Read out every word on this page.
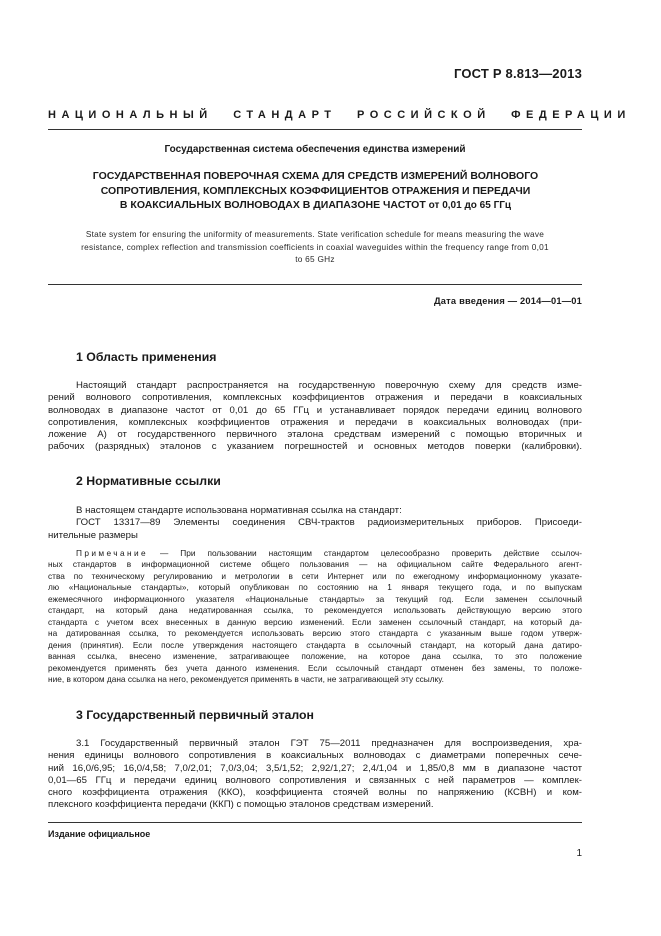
ГОСТ Р 8.813—2013
НАЦИОНАЛЬНЫЙ СТАНДАРТ РОССИЙСКОЙ ФЕДЕРАЦИИ
Государственная система обеспечения единства измерений
ГОСУДАРСТВЕННАЯ ПОВЕРОЧНАЯ СХЕМА ДЛЯ СРЕДСТВ ИЗМЕРЕНИЙ ВОЛНОВОГО
СОПРОТИВЛЕНИЯ, КОМПЛЕКСНЫХ КОЭФФИЦИЕНТОВ ОТРАЖЕНИЯ И ПЕРЕДАЧИ
В КОАКСИАЛЬНЫХ ВОЛНОВОДАХ В ДИАПАЗОНЕ ЧАСТОТ от 0,01 до 65 ГГц
State system for ensuring the uniformity of measurements. State verification schedule for means measuring the wave
resistance, complex reflection and transmission coefficients in coaxial waveguides within the frequency range from 0,01
to 65 GHz
Дата введения — 2014—01—01
1 Область применения
Настоящий стандарт распространяется на государственную поверочную схему для средств изме-
рений волнового сопротивления, комплексных коэффициентов отражения и передачи в коаксиальных
волноводах в диапазоне частот от 0,01 до 65 ГГц и устанавливает порядок передачи единиц волнового
сопротивления, комплексных коэффициентов отражения и передачи в коаксиальных волноводах (при-
ложение А) от государственного первичного эталона средствам измерений с помощью вторичных и
рабочих (разрядных) эталонов с указанием погрешностей и основных методов поверки (калибровки).
2 Нормативные ссылки
В настоящем стандарте использована нормативная ссылка на стандарт:
ГОСТ 13317—89 Элементы соединения СВЧ-трактов радиоизмерительных приборов. Присоеди-
нительные размеры
Примечание — При пользовании настоящим стандартом целесообразно проверить действие ссылоч-
ных стандартов в информационной системе общего пользования — на официальном сайте Федерального агент-
ства по техническому регулированию и метрологии в сети Интернет или по ежегодному информационному указате-
лю «Национальные стандарты», который опубликован по состоянию на 1 января текущего года, и по выпускам
ежемесячного информационного указателя «Национальные стандарты» за текущий год. Если заменен ссылочный
стандарт, на который дана недатированная ссылка, то рекомендуется использовать действующую версию этого
стандарта с учетом всех внесенных в данную версию изменений. Если заменен ссылочный стандарт, на который да-
на датированная ссылка, то рекомендуется использовать версию этого стандарта с указанным выше годом утверж-
дения (принятия). Если после утверждения настоящего стандарта в ссылочный стандарт, на который дана датиро-
ванная ссылка, внесено изменение, затрагивающее положение, на которое дана ссылка, то это положение
рекомендуется применять без учета данного изменения. Если ссылочный стандарт отменен без замены, то положе-
ние, в котором дана ссылка на него, рекомендуется применять в части, не затрагивающей эту ссылку.
3 Государственный первичный эталон
3.1 Государственный первичный эталон ГЭТ 75—2011 предназначен для воспроизведения, хра-
нения единицы волнового сопротивления в коаксиальных волноводах с диаметрами поперечных сече-
ний 16,0/6,95; 16,0/4,58; 7,0/2,01; 7,0/3,04; 3,5/1,52; 2,92/1,27; 2,4/1,04 и 1,85/0,8 мм в диапазоне частот
0,01—65 ГГц и передачи единиц волнового сопротивления и связанных с ней параметров — комплек-
сного коэффициента отражения (ККО), коэффициента стоячей волны по напряжению (КСВН) и ком-
плексного коэффициента передачи (ККП) с помощью эталонов средствам измерений.
Издание официальное
1
